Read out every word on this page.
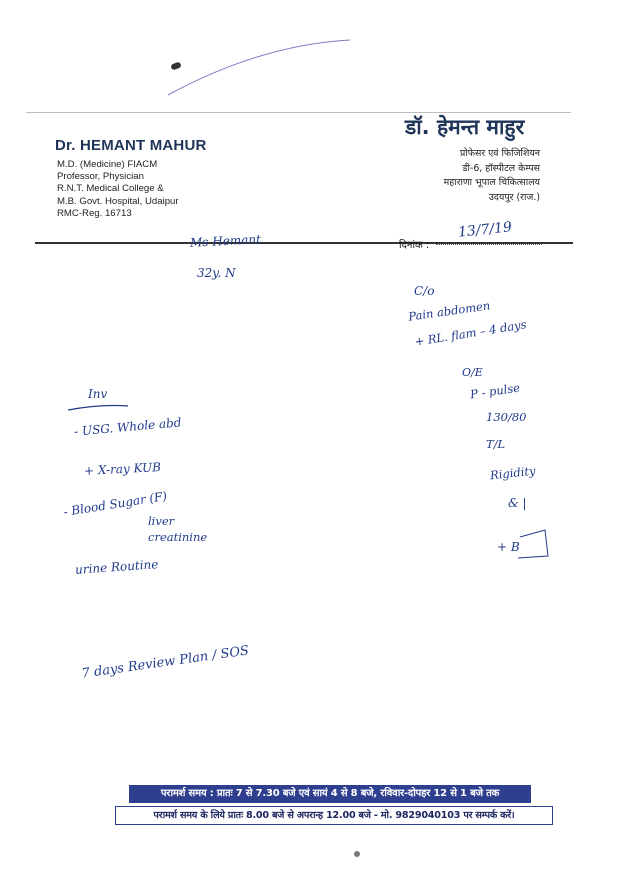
Dr. HEMANT MAHUR
M.D. (Medicine) FIACM
Professor, Physician
R.N.T. Medical College &
M.B. Govt. Hospital, Udaipur
RMC-Reg. 16713
डॉ. हेमन्त माहुर
प्रोफेसर एवं फिजिशियन
डी-6, हॉस्पीटल केम्पस
महाराणा भूपाल चिकित्सालय
उदयपुर (राज.)
दिनांक :
13/7/19
Ms Hemant
32y. N
C/o
Pain abdomen
+ RL. flam – 4 days
O/E
P - pulse
130/80
T/L
Rigidity
& |
+ B
Inv
- USG. Whole abd
+ X-ray KUB
- Blood Sugar (F)
liver
creatinine
urine Routine
7 days Review Plan / SOS
परामर्श समय : प्रातः 7 से 7.30 बजे एवं सायं 4 से 8 बजे, रविवार-दोपहर 12 से 1 बजे तक
परामर्श समय के लिये प्रातः 8.00 बजे से अपरान्ह 12.00 बजे - मो. 9829040103 पर सम्पर्क करें।
